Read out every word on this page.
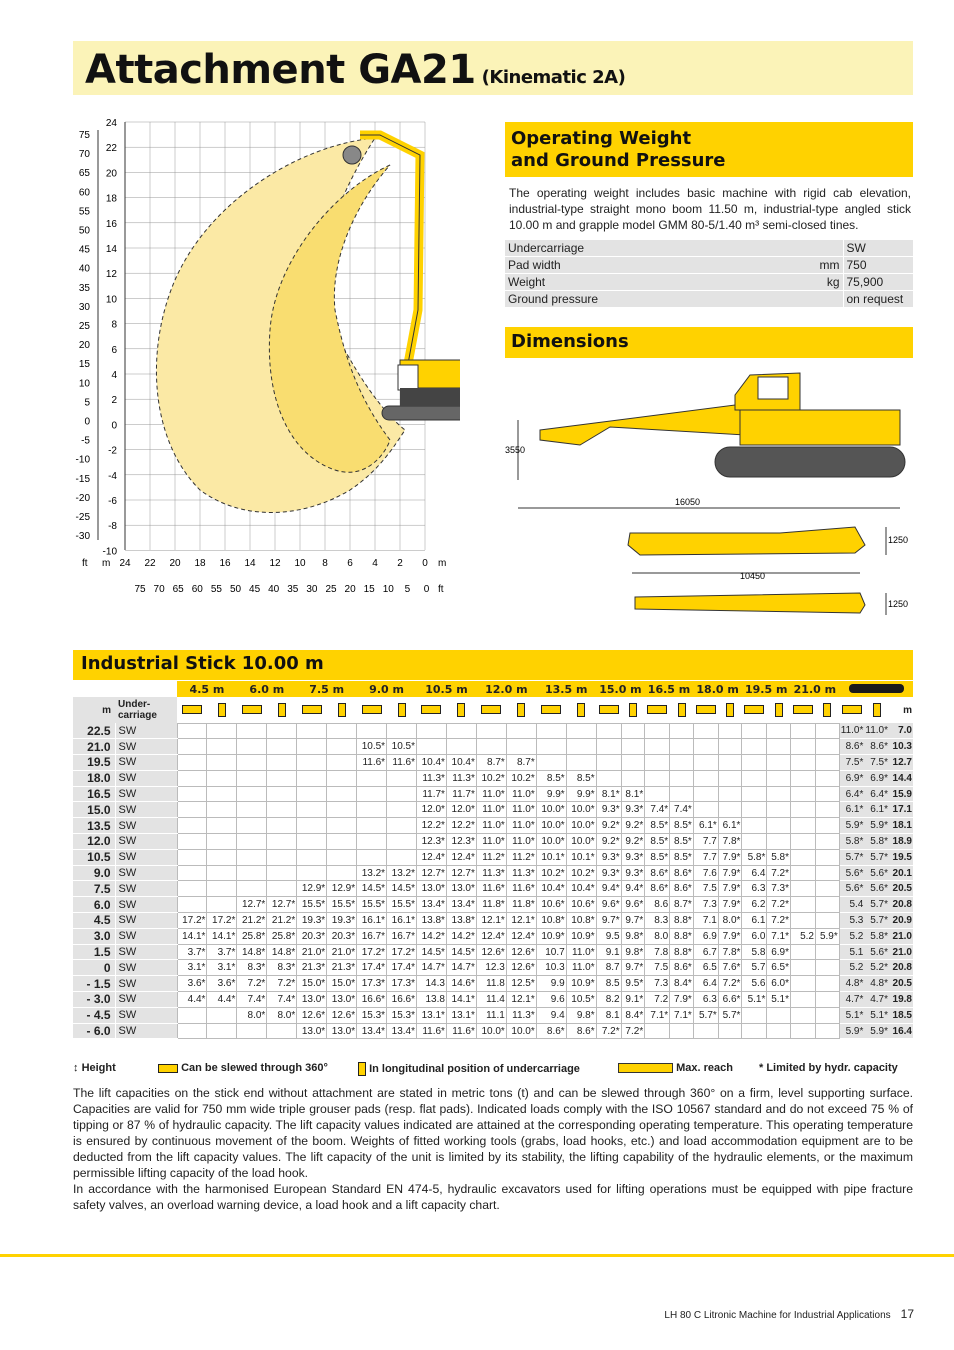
Attachment GA21 (Kinematic 2A)
24
22
20
18
16
14
12
10
8
6
4
2
0
-2
-4
-6
-8
-10
75
70
65
60
55
50
45
40
35
30
25
20
15
10
5
0
-5
-10
-15
-20
-25
-30
24 22 20 18 16 14 12 10 8 6 4 2 0
75 70 65 60 55 50 45 40 35 30 25 20 15 10 5 0
ft m	m
ft
Operating Weight
and Ground Pressure
The operating weight includes basic machine with rigid cab elevation, industrial-type straight mono boom 11.50 m, industrial-type angled stick 10.00 m and grapple model GMM 80-5/1.40 m³ semi-closed tines.
Undercarriage		SW
Pad width	mm	750
Weight	kg	75,900
Ground pressure		on request
Dimensions
3550
16050
1250
10450
1250
Industrial Stick 10.00 m
		4.5 m		6.0 m		7.5 m		9.0 m		10.5 m		12.0 m		13.5 m		15.0 m		16.5 m		18.0 m		19.5 m		21.0 m				
m	Under-carriage																											m
22.5	SW																									11.0*	11.0*	7.0
21.0	SW							10.5*	10.5*																	8.6*	8.6*	10.3
19.5	SW							11.6*	11.6*	10.4*	10.4*	8.7*	8.7*													7.5*	7.5*	12.7
18.0	SW									11.3*	11.3*	10.2*	10.2*	8.5*	8.5*											6.9*	6.9*	14.4
16.5	SW									11.7*	11.7*	11.0*	11.0*	9.9*	9.9*	8.1*	8.1*									6.4*	6.4*	15.9
15.0	SW									12.0*	12.0*	11.0*	11.0*	10.0*	10.0*	9.3*	9.3*	7.4*	7.4*							6.1*	6.1*	17.1
13.5	SW									12.2*	12.2*	11.0*	11.0*	10.0*	10.0*	9.2*	9.2*	8.5*	8.5*	6.1*	6.1*					5.9*	5.9*	18.1
12.0	SW									12.3*	12.3*	11.0*	11.0*	10.0*	10.0*	9.2*	9.2*	8.5*	8.5*	7.7	7.8*					5.8*	5.8*	18.9
10.5	SW									12.4*	12.4*	11.2*	11.2*	10.1*	10.1*	9.3*	9.3*	8.5*	8.5*	7.7	7.9*	5.8*	5.8*			5.7*	5.7*	19.5
9.0	SW							13.2*	13.2*	12.7*	12.7*	11.3*	11.3*	10.2*	10.2*	9.3*	9.3*	8.6*	8.6*	7.6	7.9*	6.4	7.2*			5.6*	5.6*	20.1
7.5	SW					12.9*	12.9*	14.5*	14.5*	13.0*	13.0*	11.6*	11.6*	10.4*	10.4*	9.4*	9.4*	8.6*	8.6*	7.5	7.9*	6.3	7.3*			5.6*	5.6*	20.5
6.0	SW			12.7*	12.7*	15.5*	15.5*	15.5*	15.5*	13.4*	13.4*	11.8*	11.8*	10.6*	10.6*	9.6*	9.6*	8.6	8.7*	7.3	7.9*	6.2	7.2*			5.4	5.7*	20.8
4.5	SW	17.2*	17.2*	21.2*	21.2*	19.3*	19.3*	16.1*	16.1*	13.8*	13.8*	12.1*	12.1*	10.8*	10.8*	9.7*	9.7*	8.3	8.8*	7.1	8.0*	6.1	7.2*			5.3	5.7*	20.9
3.0	SW	14.1*	14.1*	25.8*	25.8*	20.3*	20.3*	16.7*	16.7*	14.2*	14.2*	12.4*	12.4*	10.9*	10.9*	9.5	9.8*	8.0	8.8*	6.9	7.9*	6.0	7.1*	5.2	5.9*	5.2	5.8*	21.0
1.5	SW	3.7*	3.7*	14.8*	14.8*	21.0*	21.0*	17.2*	17.2*	14.5*	14.5*	12.6*	12.6*	10.7	11.0*	9.1	9.8*	7.8	8.8*	6.7	7.8*	5.8	6.9*			5.1	5.6*	21.0
0	SW	3.1*	3.1*	8.3*	8.3*	21.3*	21.3*	17.4*	17.4*	14.7*	14.7*	12.3	12.6*	10.3	11.0*	8.7	9.7*	7.5	8.6*	6.5	7.6*	5.7	6.5*			5.2	5.2*	20.8
- 1.5	SW	3.6*	3.6*	7.2*	7.2*	15.0*	15.0*	17.3*	17.3*	14.3	14.6*	11.8	12.5*	9.9	10.9*	8.5	9.5*	7.3	8.4*	6.4	7.2*	5.6	6.0*			4.8*	4.8*	20.5
- 3.0	SW	4.4*	4.4*	7.4*	7.4*	13.0*	13.0*	16.6*	16.6*	13.8	14.1*	11.4	12.1*	9.6	10.5*	8.2	9.1*	7.2	7.9*	6.3	6.6*	5.1*	5.1*			4.7*	4.7*	19.8
- 4.5	SW			8.0*	8.0*	12.6*	12.6*	15.3*	15.3*	13.1*	13.1*	11.1	11.3*	9.4	9.8*	8.1	8.4*	7.1*	7.1*	5.7*	5.7*					5.1*	5.1*	18.5
- 6.0	SW					13.0*	13.0*	13.4*	13.4*	11.6*	11.6*	10.0*	10.0*	8.6*	8.6*	7.2*	7.2*									5.9*	5.9*	16.4
↕ Height	Can be slewed through 360°	In longitudinal position of undercarriage	Max. reach * Limited by hydr. capacity

The lift capacities on the stick end without attachment are stated in metric tons (t) and can be slewed through 360° on a firm, level supporting surface. Capacities are valid for 750 mm wide triple grouser pads (resp. flat pads). Indicated loads comply with the ISO 10567 standard and do not exceed 75 % of tipping or 87 % of hydraulic capacity. The lift capacity values indicated are attained at the corresponding operating temperature. This operating temperature is ensured by continuous movement of the boom. Weights of fitted working tools (grabs, load hooks, etc.) and load accommodation equipment are to be deducted from the lift capacity values. The lift capacity of the unit is limited by its stability, the lifting capability of the hydraulic elements, or the maximum permissible lifting capacity of the load hook.

In accordance with the harmonised European Standard EN 474-5, hydraulic excavators used for lifting operations must be equipped with pipe fracture safety valves, an overload warning device, a load hook and a lift capacity chart.

LH 80 C Litronic Machine for Industrial Applications 17
